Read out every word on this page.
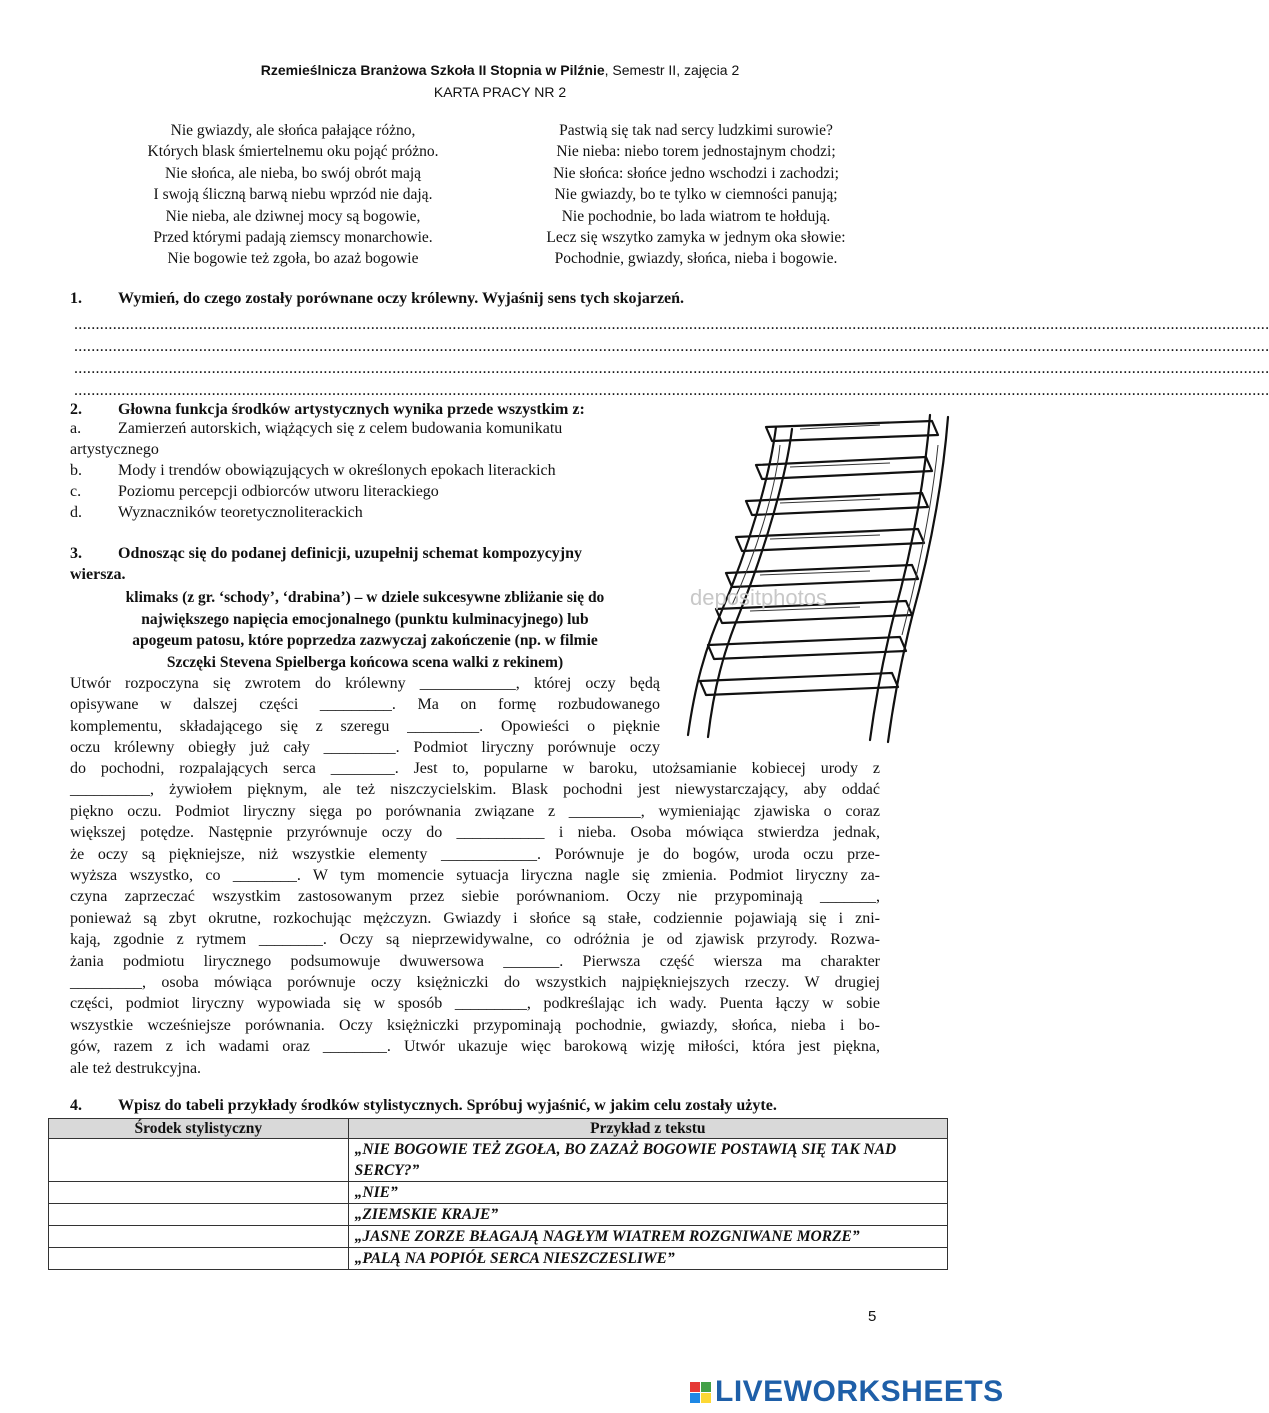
Rzemieślnicza Branżowa Szkoła II Stopnia w Pilźnie, Semestr II, zajęcia 2
KARTA PRACY NR 2
Nie gwiazdy, ale słońca pałające różno,
Których blask śmiertelnemu oku pojąć próżno.
Nie słońca, ale nieba, bo swój obrót mają
I swoją śliczną barwą niebu wprzód nie dają.
Nie nieba, ale dziwnej mocy są bogowie,
Przed którymi padają ziemscy monarchowie.
Nie bogowie też zgoła, bo azaż bogowie
Pastwią się tak nad sercy ludzkimi surowie?
Nie nieba: niebo torem jednostajnym chodzi;
Nie słońca: słońce jedno wschodzi i zachodzi;
Nie gwiazdy, bo te tylko w ciemności panują;
Nie pochodnie, bo lada wiatrom te hołdują.
Lecz się wszytko zamyka w jednym oka słowie:
Pochodnie, gwiazdy, słońca, nieba i bogowie.
1. Wymień, do czego zostały porównane oczy królewny. Wyjaśnij sens tych skojarzeń.
......................................................................................................................................................................................................................................................................................
......................................................................................................................................................................................................................................................................................
......................................................................................................................................................................................................................................................................................
......................................................................................................................................................................................................................................................................................
2. Głowna funkcja środków artystycznych wynika przede wszystkim z:
a. Zamierzeń autorskich, wiążących się z celem budowania komunikatu
artystycznego
b. Mody i trendów obowiązujących w określonych epokach literackich
c. Poziomu percepcji odbiorców utworu literackiego
d. Wyznaczników teoretycznoliterackich
depositphotos
3. Odnosząc się do podanej definicji, uzupełnij schemat kompozycyjny
wiersza.
klimaks (z gr. ‘schody’, ‘drabina’) – w dziele sukcesywne zbliżanie się do
największego napięcia emocjonalnego (punktu kulminacyjnego) lub
apogeum patosu, które poprzedza zazwyczaj zakończenie (np. w filmie
Szczęki Stevena Spielberga końcowa scena walki z rekinem)
Utwór rozpoczyna się zwrotem do królewny ____________, której oczy będą
opisywane w dalszej części _________. Ma on formę rozbudowanego
komplementu, składającego się z szeregu _________. Opowieści o pięknie
oczu królewny obiegły już cały _________. Podmiot liryczny porównuje oczy
do pochodni, rozpalających serca ________. Jest to, popularne w baroku, utożsamianie kobiecej urody z
__________, żywiołem pięknym, ale też niszczycielskim. Blask pochodni jest niewystarczający, aby oddać
piękno oczu. Podmiot liryczny sięga po porównania związane z _________, wymieniając zjawiska o coraz
większej potędze. Następnie przyrównuje oczy do ___________ i nieba. Osoba mówiąca stwierdza jednak,
że oczy są piękniejsze, niż wszystkie elementy ____________. Porównuje je do bogów, uroda oczu prze-
wyższa wszystko, co ________. W tym momencie sytuacja liryczna nagle się zmienia. Podmiot liryczny za-
czyna zaprzeczać wszystkim zastosowanym przez siebie porównaniom. Oczy nie przypominają _______,
ponieważ są zbyt okrutne, rozkochując mężczyzn. Gwiazdy i słońce są stałe, codziennie pojawiają się i zni-
kają, zgodnie z rytmem ________. Oczy są nieprzewidywalne, co odróżnia je od zjawisk przyrody. Rozwa-
żania podmiotu lirycznego podsumowuje dwuwersowa _______. Pierwsza część wiersza ma charakter
_________, osoba mówiąca porównuje oczy księżniczki do wszystkich najpiękniejszych rzeczy. W drugiej
części, podmiot liryczny wypowiada się w sposób _________, podkreślając ich wady. Puenta łączy w sobie
wszystkie wcześniejsze porównania. Oczy księżniczki przypominają pochodnie, gwiazdy, słońca, nieba i bo-
gów, razem z ich wadami oraz ________. Utwór ukazuje więc barokową wizję miłości, która jest piękna,
ale też destrukcyjna.
4. Wpisz do tabeli przykłady środków stylistycznych. Spróbuj wyjaśnić, w jakim celu zostały użyte.
Środek stylistyczny	Przykład z tekstu
	„NIE BOGOWIE TEŻ ZGOŁA, BO ZAZAŻ BOGOWIE POSTAWIĄ SIĘ TAK NAD SERCY?”
	„NIE”
	„ZIEMSKIE KRAJE”
	„JASNE ZORZE BŁAGAJĄ NAGŁYM WIATREM ROZGNIWANE MORZE”
	„PALĄ NA POPIÓŁ SERCA NIESZCZESLIWE”
5
LIVEWORKSHEETS
